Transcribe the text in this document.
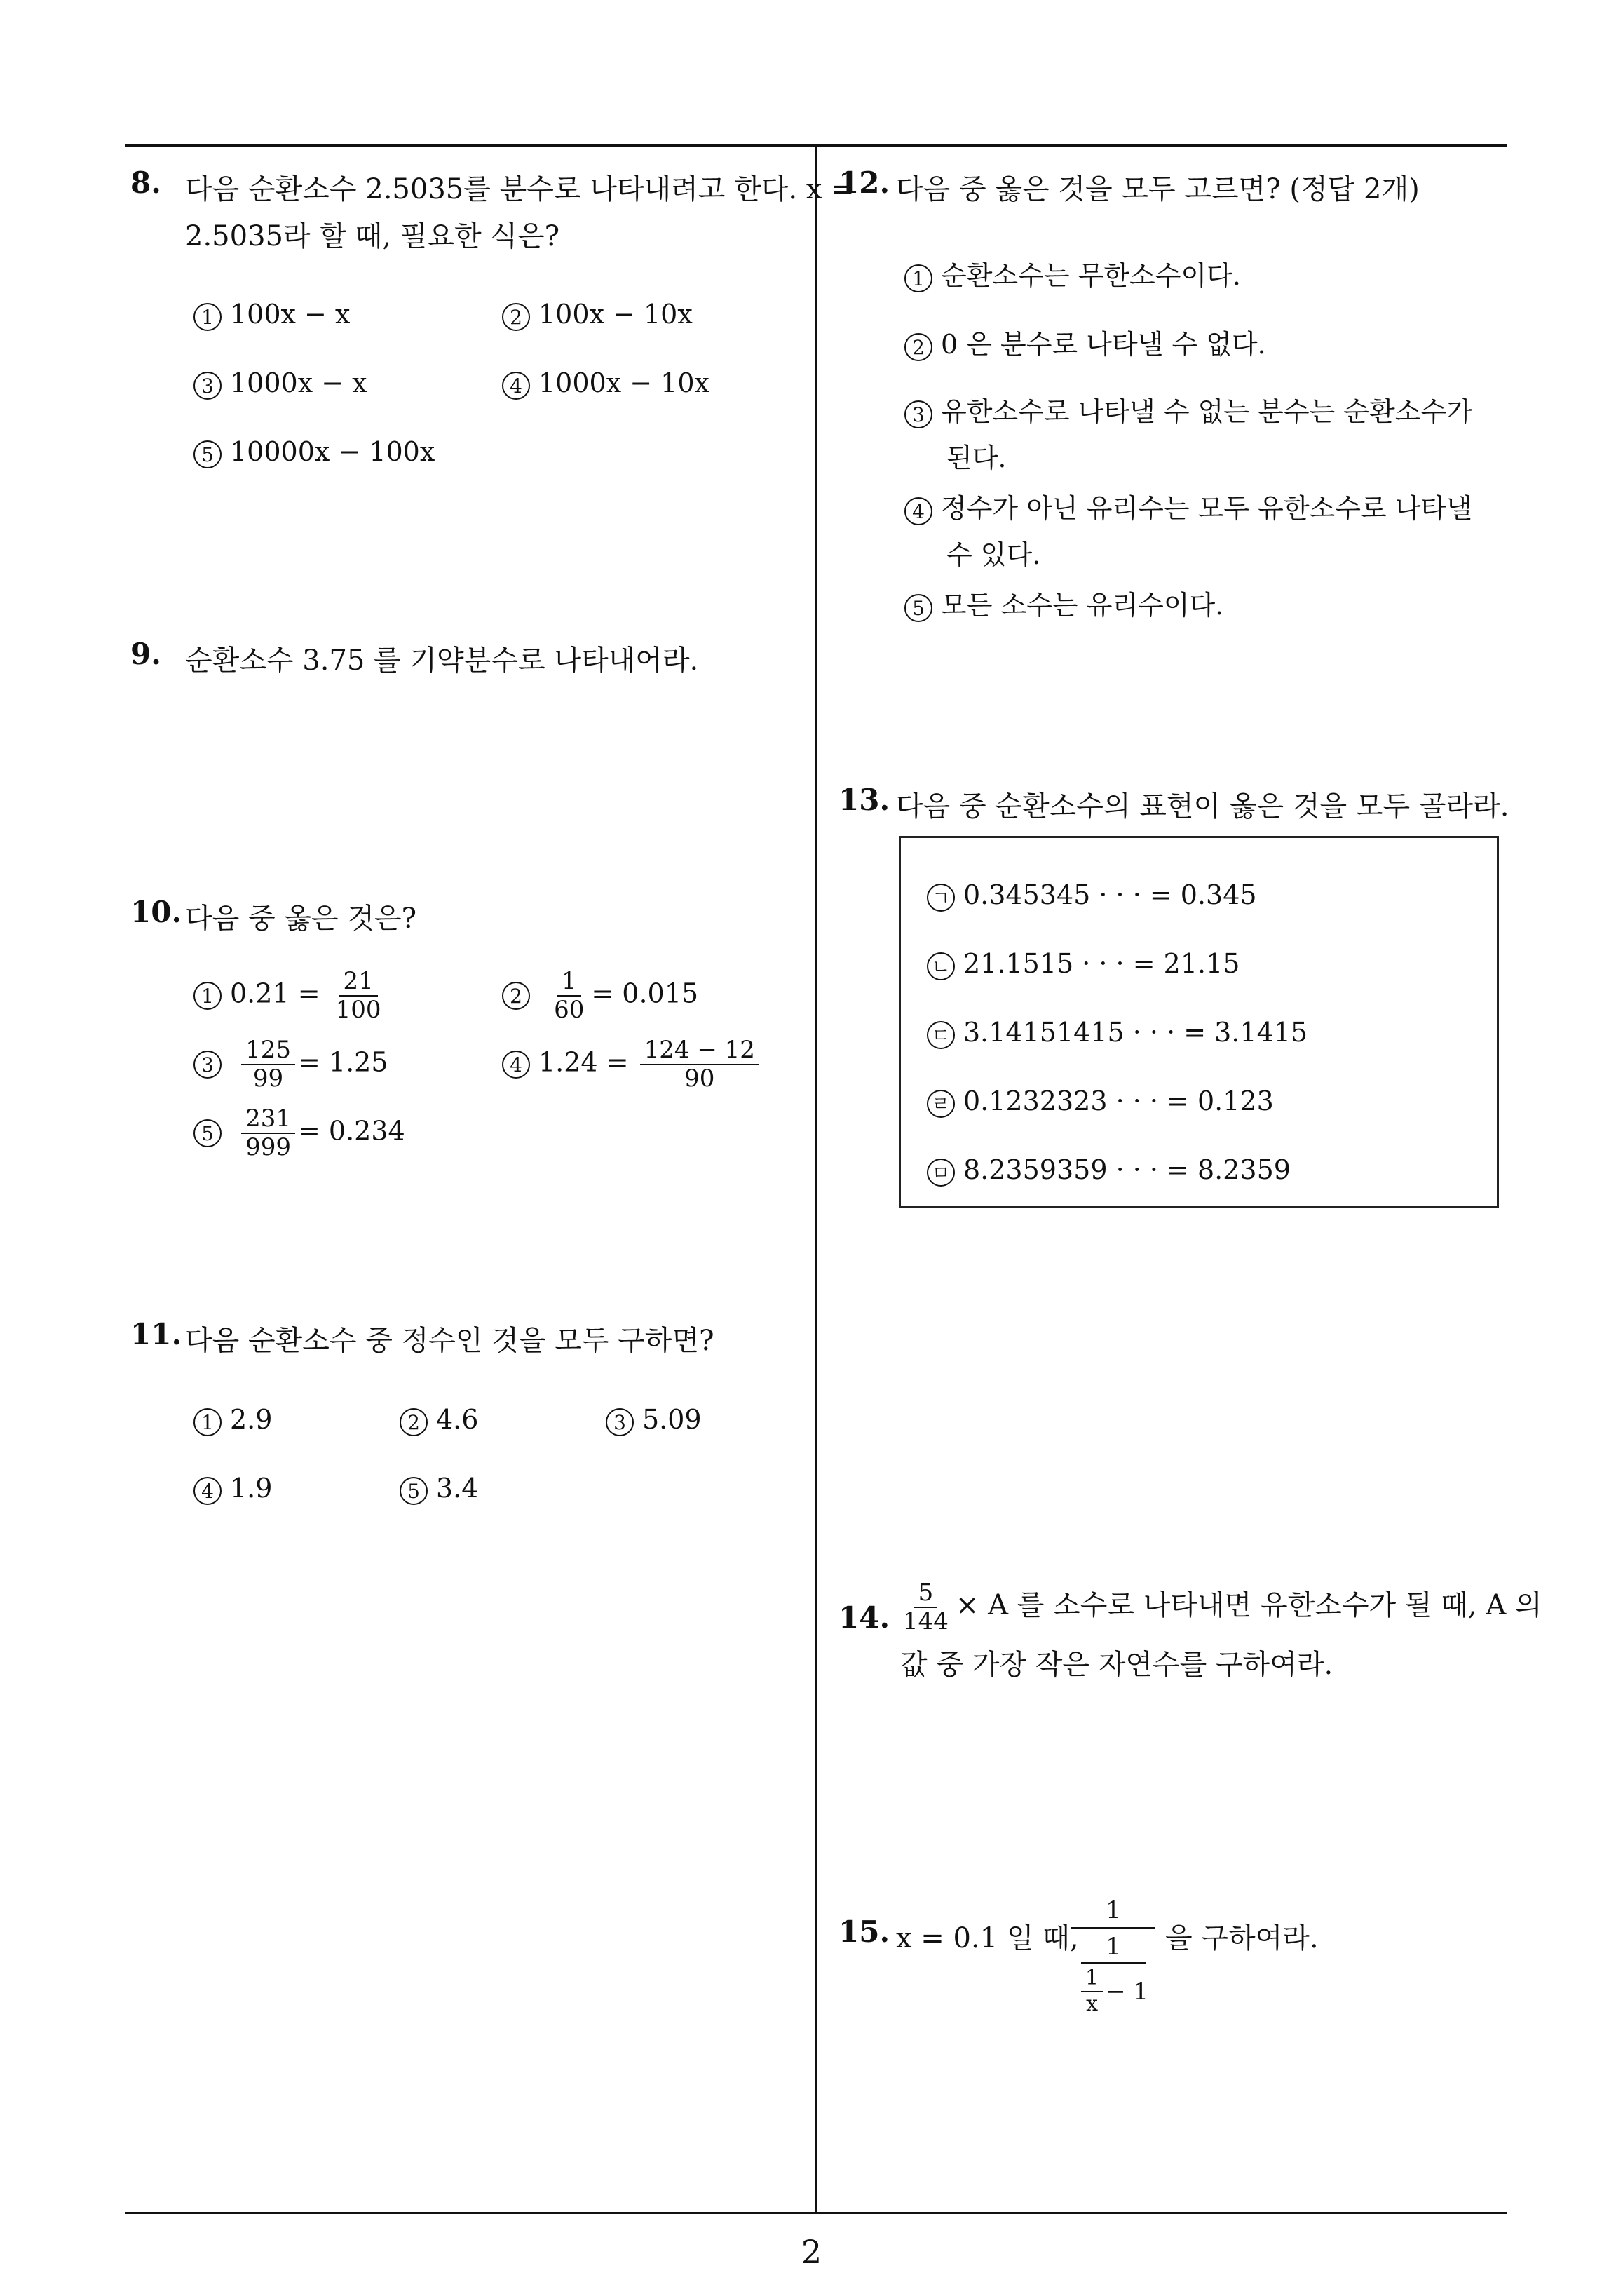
8. 다음 순환소수 2.5035를 분수로 나타내려고 한다. x =
2.5035라 할 때, 필요한 식은?
1 100x − x	2 100x − 10x
3 1000x − x	4 1000x − 10x
5 10000x − 100x
9. 순환소수 3.75 를 기약분수로 나타내어라.
10. 다음 중 옳은 것은?
1 $0.21 = \frac{21}{100}$	$2 \frac{1}{60} = 0.015$
$3 \frac{125}{99} = 1.25$	4 $1.24 = \frac{124 - 12}{90}$
$5 \frac{231}{999} = 0.234$
11. 다음 순환소수 중 정수인 것을 모두 구하면?
1 2.9	2 4.6	3 5.09
4 1.9	5 3.4
12. 다음 중 옳은 것을 모두 고르면? (정답 2개)
1 순환소수는 무한소수이다.
2 0 은 분수로 나타낼 수 없다.
3 유한소수로 나타낼 수 없는 분수는 순환소수가
된다.
4 정수가 아닌 유리수는 모두 유한소수로 나타낼
수 있다.
5 모든 소수는 유리수이다.
13. 다음 중 순환소수의 표현이 옳은 것을 모두 골라라.
ㄱ 0.345345 · · · = 0.345
ㄴ 21.1515 · · · = 21.15
ㄷ 3.14151415 · · · = 3.1415
ㄹ 0.1232323 · · · = 0.123
ㅁ 8.2359359 · · · = 8.2359
14. $\frac{5}{144} \times A$ 를 소수로 나타내면 유한소수가 될 때, A 의
값 중 가장 작은 자연수를 구하여라.
15. x = 0.1 일 때,
1
1
$\frac{1}{x} - 1$
을 구하여라.
2
